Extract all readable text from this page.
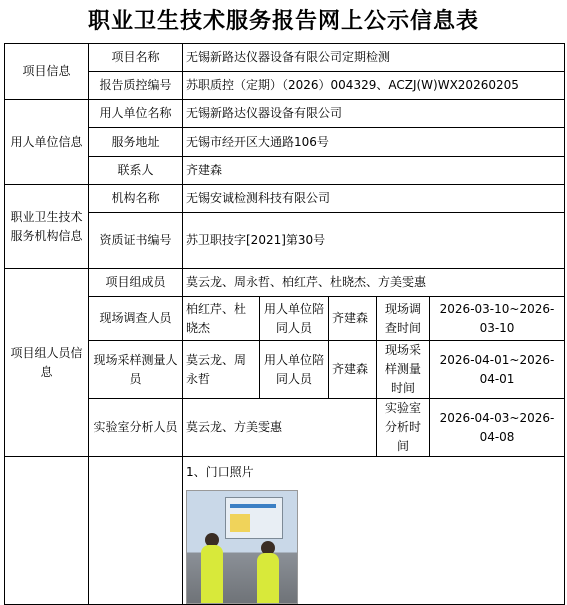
职业卫生技术服务报告网上公示信息表
项目信息	项目名称	无锡新路达仪器设备有限公司定期检测				
	报告质控编号	苏职质控（定期）（2026）004329、ACZJ(W)WX20260205				
用人单位信息	用人单位名称	无锡新路达仪器设备有限公司				
	服务地址	无锡市经开区大通路106号				
	联系人	齐建森				
职业卫生技术服务机构信息	机构名称	无锡安诚检测科技有限公司				
	资质证书编号	苏卫职技字[2021]第30号				
项目组人员信息	项目组成员	莫云龙、周永哲、柏红芹、杜晓杰、方美雯惠				
	现场调查人员	柏红芹、杜晓杰	用人单位陪同人员	齐建森	现场调查时间	2026-03-10~2026-03-10
	现场采样测量人员	莫云龙、周永哲	用人单位陪同人员	齐建森	现场采样测量时间	2026-04-01~2026-04-01
	实验室分析人员	莫云龙、方美雯惠			实验室分析时间	2026-04-03~2026-04-08

		1、门口照片				
